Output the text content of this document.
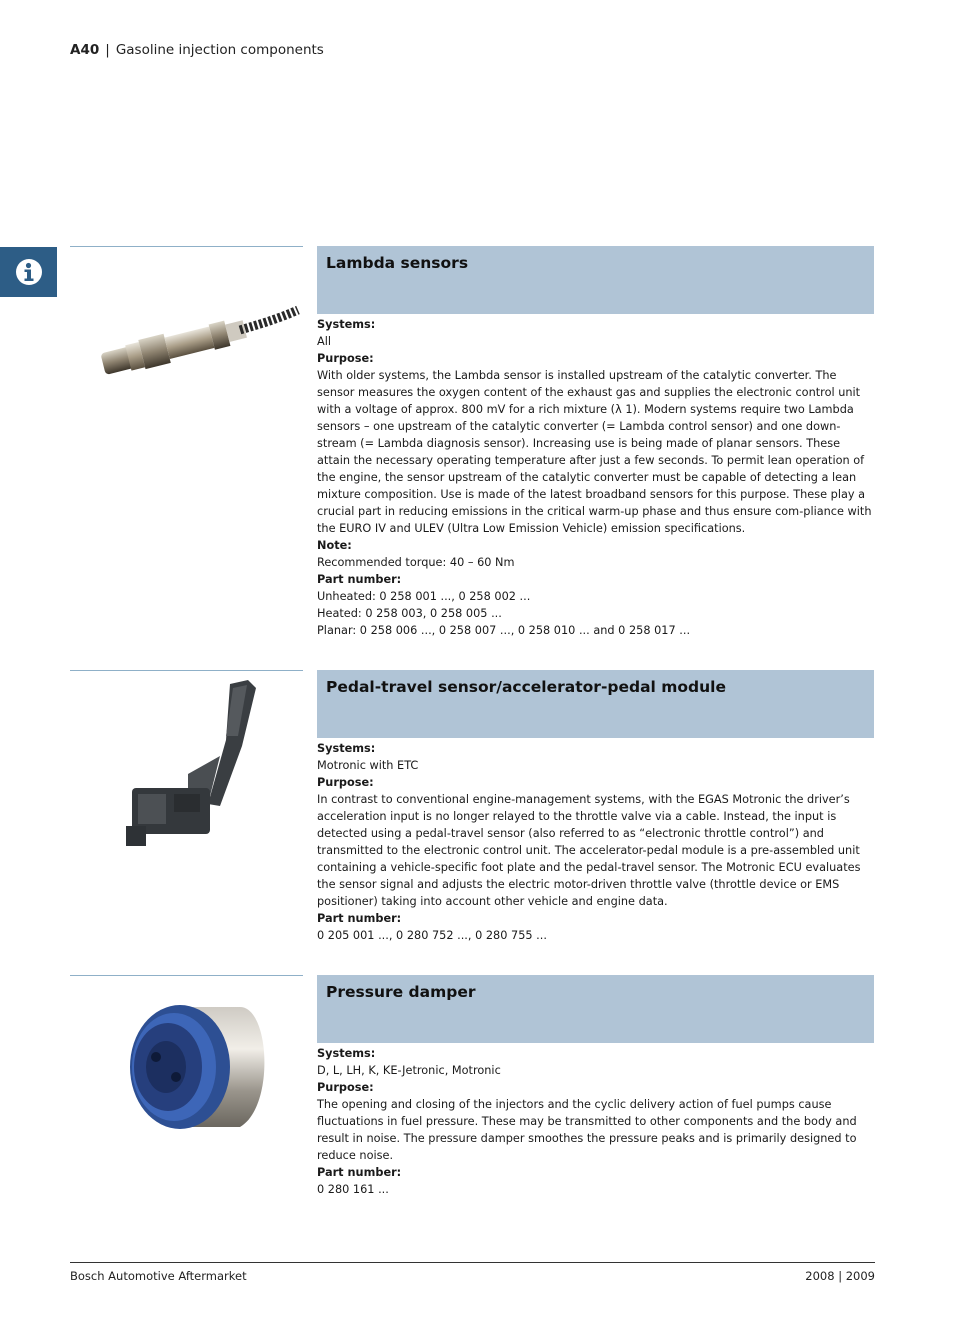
A40 | Gasoline injection components
Lambda sensors

Systems:

All

Purpose:

With older systems, the Lambda sensor is installed upstream of the catalytic converter. The sensor measures the oxygen content of the exhaust gas and supplies the electronic control unit with a voltage of approx. 800 mV for a rich mixture (λ 1). Modern systems require two Lambda sensors – one upstream of the catalytic converter (= Lambda control sensor) and one down-stream (= Lambda diagnosis sensor). Increasing use is being made of planar sensors. These attain the necessary operating temperature after just a few seconds. To permit lean operation of the engine, the sensor upstream of the catalytic converter must be capable of detecting a lean mixture composition. Use is made of the latest broadband sensors for this purpose. These play a crucial part in reducing emissions in the critical warm-up phase and thus ensure com-pliance with the EURO IV and ULEV (Ultra Low Emission Vehicle) emission specifications.

Note:

Recommended torque: 40 – 60 Nm

Part number:

Unheated: 0 258 001 ..., 0 258 002 ...

Heated: 0 258 003, 0 258 005 ...

Planar: 0 258 006 ..., 0 258 007 ..., 0 258 010 ... and 0 258 017 ...

Pedal-travel sensor/accelerator-pedal module

Systems:

Motronic with ETC

Purpose:

In contrast to conventional engine-management systems, with the EGAS Motronic the driver’s acceleration input is no longer relayed to the throttle valve via a cable. Instead, the input is detected using a pedal-travel sensor (also referred to as “electronic throttle control”) and transmitted to the electronic control unit. The accelerator-pedal module is a pre-assembled unit containing a vehicle-specific foot plate and the pedal-travel sensor. The Motronic ECU evaluates the sensor signal and adjusts the electric motor-driven throttle valve (throttle device or EMS positioner) taking into account other vehicle and engine data.

Part number:

0 205 001 ..., 0 280 752 ..., 0 280 755 ...

Pressure damper

Systems:

D, L, LH, K, KE-Jetronic, Motronic

Purpose:

The opening and closing of the injectors and the cyclic delivery action of fuel pumps cause fluctuations in fuel pressure. These may be transmitted to other components and the body and result in noise. The pressure damper smoothes the pressure peaks and is primarily designed to reduce noise.

Part number:

0 280 161 ...

Bosch Automotive Aftermarket	2008 | 2009
